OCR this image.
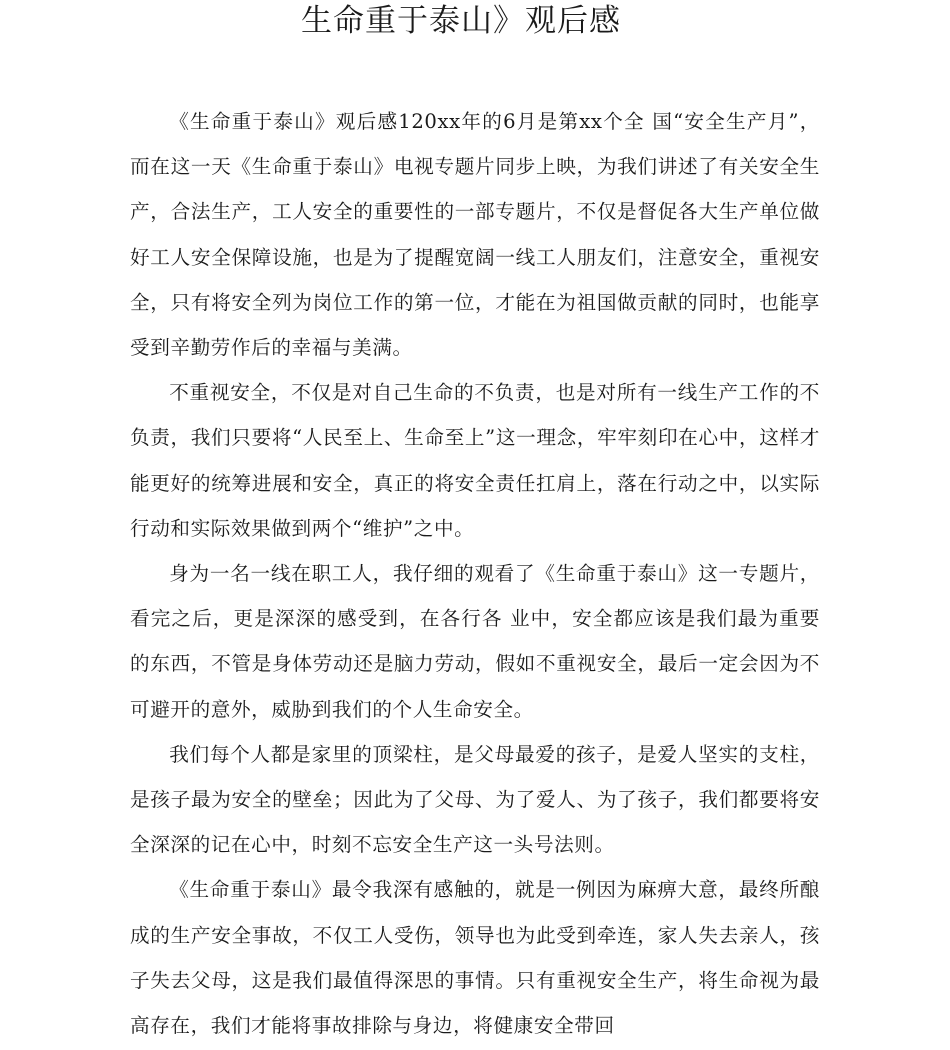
生命重于泰山》观后感

《生命重于泰山》观后感120xx年的6月是第xx个全 国“安全生产月”，而在这一天《生命重于泰山》电视专题片同步上映，为我们讲述了有关安全生产，合法生产，工人安全的重要性的一部专题片，不仅是督促各大生产单位做好工人安全保障设施，也是为了提醒宽阔一线工人朋友们，注意安全，重视安全，只有将安全列为岗位工作的第一位，才能在为祖国做贡献的同时，也能享受到辛勤劳作后的幸福与美满。

不重视安全，不仅是对自己生命的不负责，也是对所有一线生产工作的不负责，我们只要将“人民至上、生命至上”这一理念，牢牢刻印在心中，这样才能更好的统筹进展和安全，真正的将安全责任扛肩上，落在行动之中，以实际行动和实际效果做到两个“维护”之中。

身为一名一线在职工人，我仔细的观看了《生命重于泰山》这一专题片，看完之后，更是深深的感受到，在各行各 业中，安全都应该是我们最为重要的东西，不管是身体劳动还是脑力劳动，假如不重视安全，最后一定会因为不可避开的意外，威胁到我们的个人生命安全。

我们每个人都是家里的顶梁柱，是父母最爱的孩子，是爱人坚实的支柱，是孩子最为安全的壁垒；因此为了父母、为了爱人、为了孩子，我们都要将安全深深的记在心中，时刻不忘安全生产这一头号法则。

《生命重于泰山》最令我深有感触的，就是一例因为麻痹大意，最终所酿成的生产安全事故，不仅工人受伤，领导也为此受到牵连，家人失去亲人，孩子失去父母，这是我们最值得深思的事情。只有重视安全生产，将生命视为最高存在，我们才能将事故排除与身边，将健康安全带回
